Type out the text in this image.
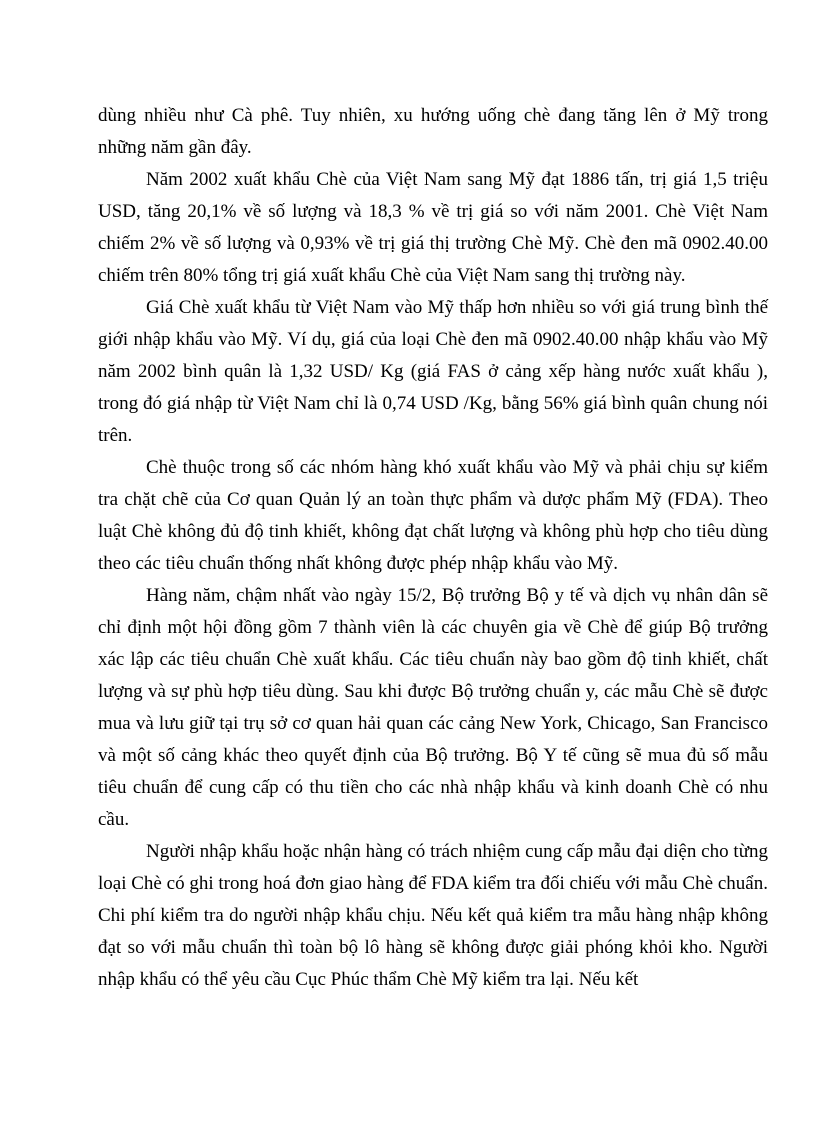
dùng nhiều như Cà phê. Tuy nhiên, xu hướng uống chè đang tăng lên ở Mỹ trong những năm gần đây.

Năm 2002 xuất khẩu Chè của Việt Nam sang Mỹ đạt 1886 tấn, trị giá 1,5 triệu USD, tăng 20,1% về số lượng và 18,3 % về trị giá so với năm 2001. Chè Việt Nam chiếm 2% về số lượng và 0,93% về trị giá thị trường Chè Mỹ. Chè đen mã 0902.40.00 chiếm trên 80% tổng trị giá xuất khẩu Chè của Việt Nam sang thị trường này.

Giá Chè xuất khẩu từ Việt Nam vào Mỹ thấp hơn nhiều so với giá trung bình thế giới nhập khẩu vào Mỹ. Ví dụ, giá của loại Chè đen mã 0902.40.00 nhập khẩu vào Mỹ năm 2002 bình quân là 1,32 USD/ Kg (giá FAS ở cảng xếp hàng nước xuất khẩu ), trong đó giá nhập từ Việt Nam chỉ là 0,74 USD /Kg, bằng 56% giá bình quân chung nói trên.

Chè thuộc trong số các nhóm hàng khó xuất khẩu vào Mỹ và phải chịu sự kiểm tra chặt chẽ của Cơ quan Quản lý an toàn thực phẩm và dược phẩm Mỹ (FDA). Theo luật Chè không đủ độ tinh khiết, không đạt chất lượng và không phù hợp cho tiêu dùng theo các tiêu chuẩn thống nhất không được phép nhập khẩu vào Mỹ.

Hàng năm, chậm nhất vào ngày 15/2, Bộ trưởng Bộ y tế và dịch vụ nhân dân sẽ chỉ định một hội đồng gồm 7 thành viên là các chuyên gia về Chè để giúp Bộ trưởng xác lập các tiêu chuẩn Chè xuất khẩu. Các tiêu chuẩn này bao gồm độ tinh khiết, chất lượng và sự phù hợp tiêu dùng. Sau khi được Bộ trưởng chuẩn y, các mẫu Chè sẽ được mua và lưu giữ tại trụ sở cơ quan hải quan các cảng New York, Chicago, San Francisco và một số cảng khác theo quyết định của Bộ trưởng. Bộ Y tế cũng sẽ mua đủ số mẫu tiêu chuẩn để cung cấp có thu tiền cho các nhà nhập khẩu và kinh doanh Chè có nhu cầu.

Người nhập khẩu hoặc nhận hàng có trách nhiệm cung cấp mẫu đại diện cho từng loại Chè có ghi trong hoá đơn giao hàng để FDA kiểm tra đối chiếu với mẫu Chè chuẩn. Chi phí kiểm tra do người nhập khẩu chịu. Nếu kết quả kiểm tra mẫu hàng nhập không đạt so với mẫu chuẩn thì toàn bộ lô hàng sẽ không được giải phóng khỏi kho. Người nhập khẩu có thể yêu cầu Cục Phúc thẩm Chè Mỹ kiểm tra lại. Nếu kết
